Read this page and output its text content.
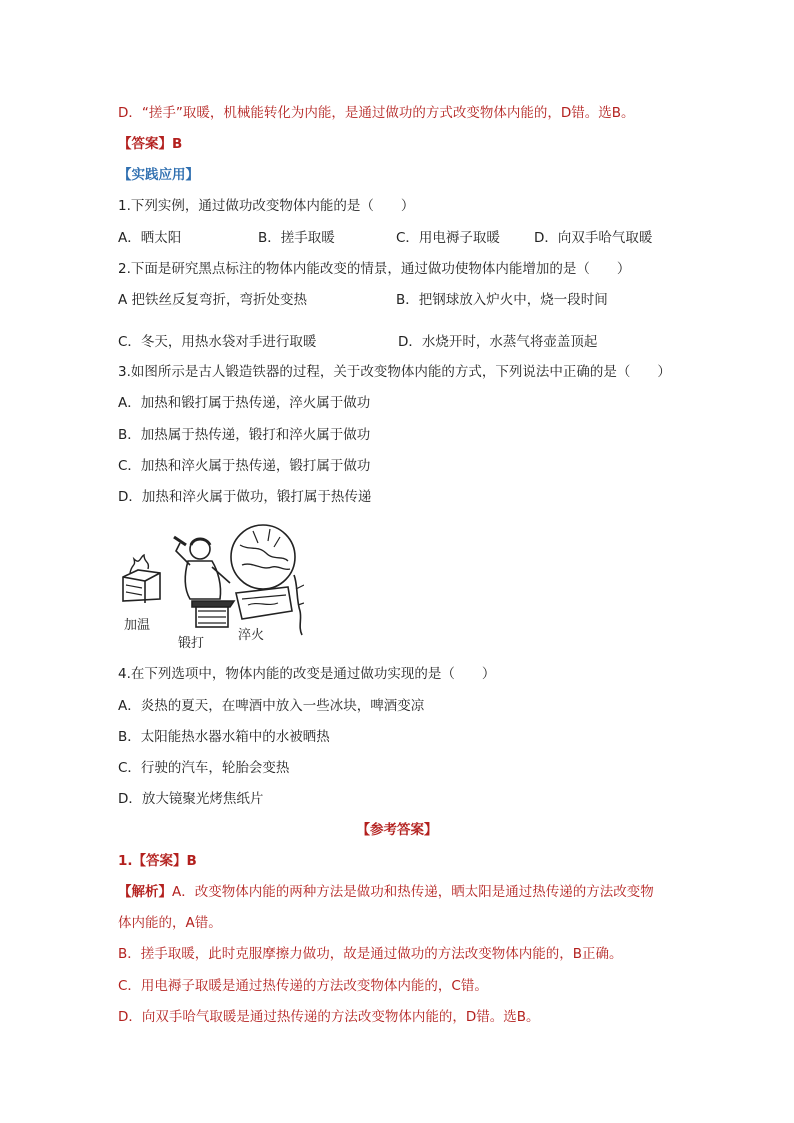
D．“搓手”取暖，机械能转化为内能，是通过做功的方式改变物体内能的，D错。选B。
【答案】B
【实践应用】
1.下列实例，通过做功改变物体内能的是（　　）
A．晒太阳	B．搓手取暖	C．用电褥子取暖	D．向双手哈气取暖
2.下面是研究黑点标注的物体内能改变的情景，通过做功使物体内能增加的是（　　）
A 把铁丝反复弯折，弯折处变热	B．把钢球放入炉火中，烧一段时间
C．冬天，用热水袋对手进行取暖	D．水烧开时，水蒸气将壶盖顶起
3.如图所示是古人锻造铁器的过程，关于改变物体内能的方式，下列说法中正确的是（　　）
A．加热和锻打属于热传递，淬火属于做功
B．加热属于热传递，锻打和淬火属于做功
C．加热和淬火属于热传递，锻打属于做功
D．加热和淬火属于做功，锻打属于热传递
加温
锻打
淬火
4.在下列选项中，物体内能的改变是通过做功实现的是（　　）
A．炎热的夏天，在啤酒中放入一些冰块，啤酒变凉
B．太阳能热水器水箱中的水被晒热
C．行驶的汽车，轮胎会变热
D．放大镜聚光烤焦纸片
【参考答案】
1.【答案】B
【解析】A．改变物体内能的两种方法是做功和热传递，晒太阳是通过热传递的方法改变物
体内能的，A错。
B．搓手取暖，此时克服摩擦力做功，故是通过做功的方法改变物体内能的，B正确。
C．用电褥子取暖是通过热传递的方法改变物体内能的，C错。
D．向双手哈气取暖是通过热传递的方法改变物体内能的，D错。选B。
